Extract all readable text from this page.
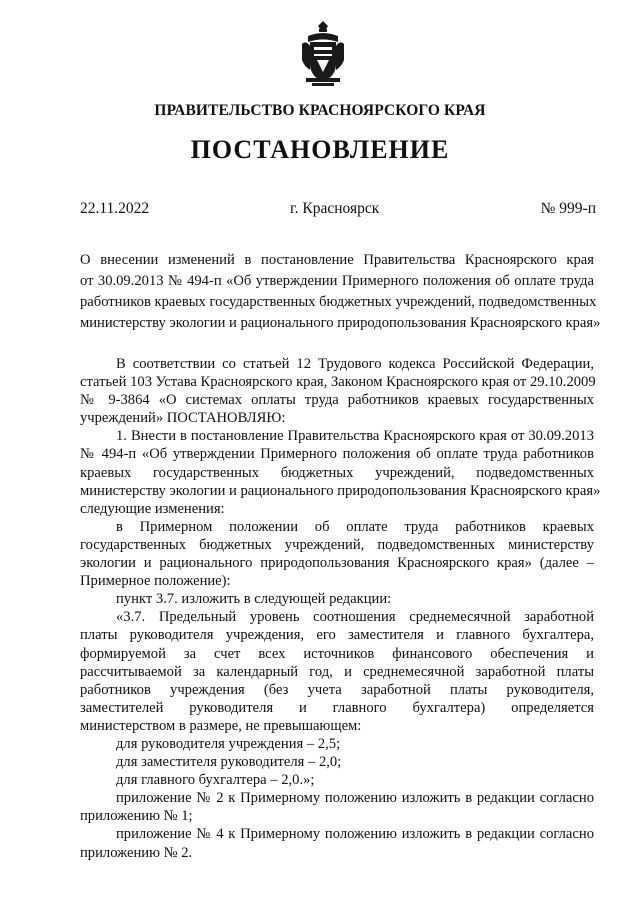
ПРАВИТЕЛЬСТВО КРАСНОЯРСКОГО КРАЯ
ПОСТАНОВЛЕНИЕ
22.11.2022	г. Красноярск	№ 999-п
О внесении изменений в постановление Правительства Красноярского края
от 30.09.2013 № 494-п «Об утверждении Примерного положения об оплате труда
работников краевых государственных бюджетных учреждений, подведомственных
министерству экологии и рационального природопользования Красноярского края»
В соответствии со статьей 12 Трудового кодекса Российской Федерации,
статьей 103 Устава Красноярского края, Законом Красноярского края от 29.10.2009
№ 9-3864 «О системах оплаты труда работников краевых государственных
учреждений» ПОСТАНОВЛЯЮ:
1. Внести в постановление Правительства Красноярского края от 30.09.2013
№ 494-п «Об утверждении Примерного положения об оплате труда работников
краевых государственных бюджетных учреждений, подведомственных
министерству экологии и рационального природопользования Красноярского края»
следующие изменения:
в Примерном положении об оплате труда работников краевых
государственных бюджетных учреждений, подведомственных министерству
экологии и рационального природопользования Красноярского края» (далее –
Примерное положение):
пункт 3.7. изложить в следующей редакции:
«3.7. Предельный уровень соотношения среднемесячной заработной
платы руководителя учреждения, его заместителя и главного бухгалтера,
формируемой за счет всех источников финансового обеспечения и
рассчитываемой за календарный год, и среднемесячной заработной платы
работников учреждения (без учета заработной платы руководителя,
заместителей руководителя и главного бухгалтера) определяется
министерством в размере, не превышающем:
для руководителя учреждения – 2,5;
для заместителя руководителя – 2,0;
для главного бухгалтера – 2,0.»;
приложение № 2 к Примерному положению изложить в редакции согласно
приложению № 1;
приложение № 4 к Примерному положению изложить в редакции согласно
приложению № 2.
